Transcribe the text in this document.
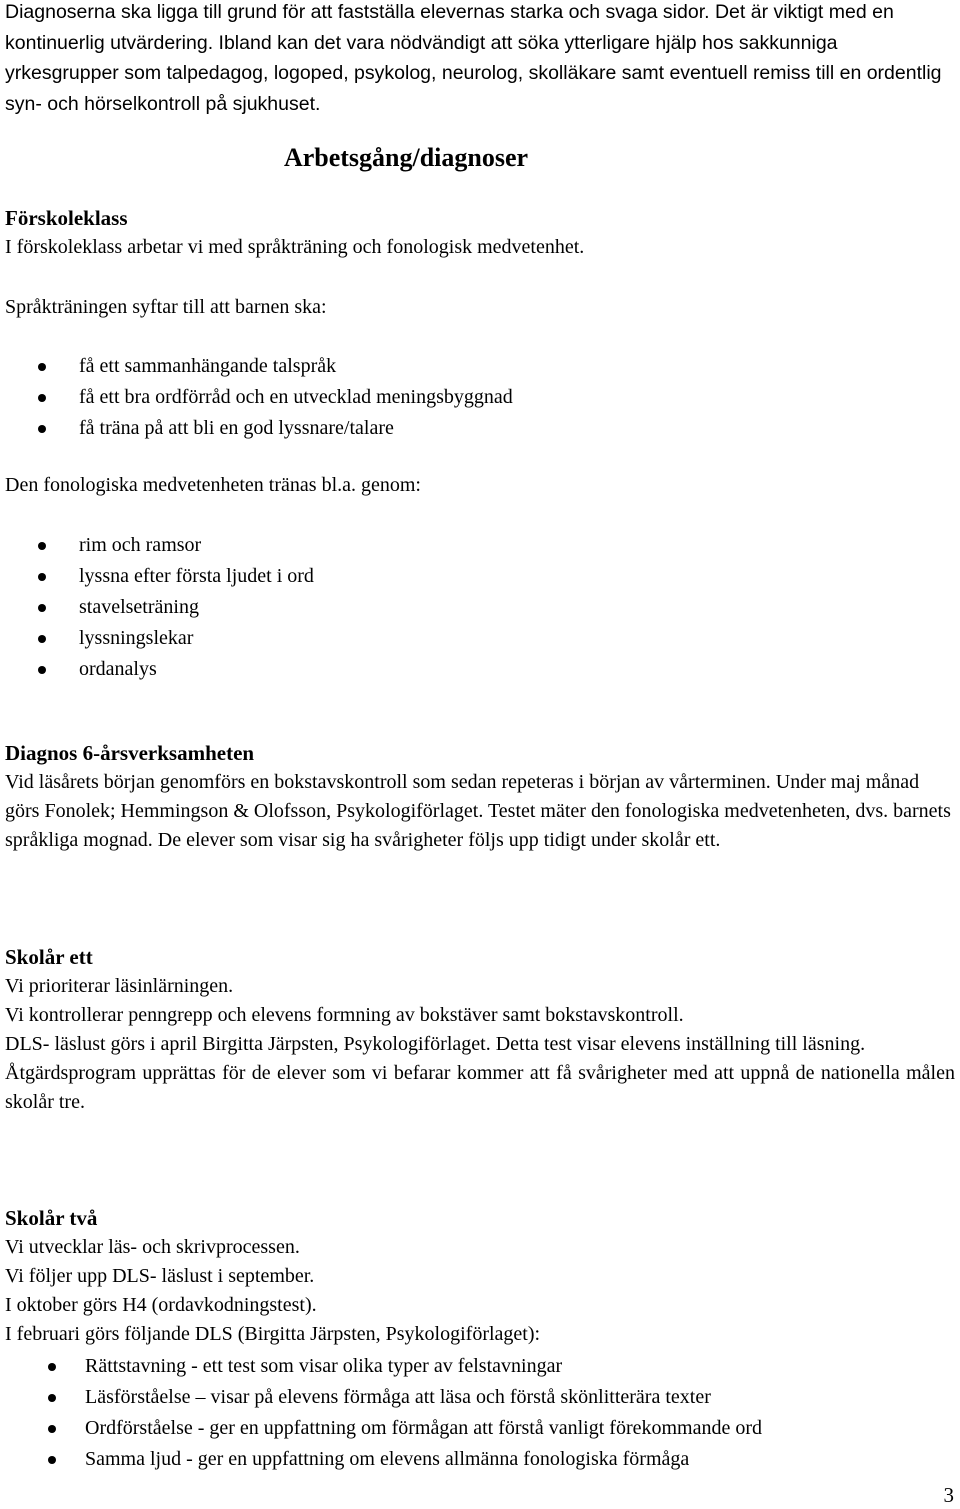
Diagnoserna ska ligga till grund för att fastställa elevernas starka och svaga sidor. Det är viktigt med en kontinuerlig utvärdering. Ibland kan det vara nödvändigt att söka ytterligare hjälp hos sakkunniga yrkesgrupper som talpedagog, logoped, psykolog, neurolog, skolläkare samt eventuell remiss till en ordentlig syn- och hörselkontroll på sjukhuset.

Arbetsgång/diagnoser

Förskoleklass

I förskoleklass arbetar vi med språkträning och fonologisk medvetenhet.

Språkträningen syftar till att barnen ska:

få ett sammanhängande talspråk
få ett bra ordförråd och en utvecklad meningsbyggnad
få träna på att bli en god lyssnare/talare

Den fonologiska medvetenheten tränas bl.a. genom:

rim och ramsor
lyssna efter första ljudet i ord
stavelseträning
lyssningslekar
ordanalys

Diagnos 6-årsverksamheten

Vid läsårets början genomförs en bokstavskontroll som sedan repeteras i början av vårterminen. Under maj månad görs Fonolek; Hemmingson & Olofsson, Psykologiförlaget. Testet mäter den fonologiska medvetenheten, dvs. barnets språkliga mognad. De elever som visar sig ha svårigheter följs upp tidigt under skolår ett.

Skolår ett

Vi prioriterar läsinlärningen.

Vi kontrollerar penngrepp och elevens formning av bokstäver samt bokstavskontroll.

DLS- läslust görs i april Birgitta Järpsten, Psykologiförlaget. Detta test visar elevens inställning till läsning.

Åtgärdsprogram upprättas för de elever som vi befarar kommer att få svårigheter med att uppnå de nationella målen skolår tre.

Skolår två

Vi utvecklar läs- och skrivprocessen.

Vi följer upp DLS- läslust i september.

I oktober görs H4 (ordavkodningstest).

I februari görs följande DLS (Birgitta Järpsten, Psykologiförlaget):

Rättstavning - ett test som visar olika typer av felstavningar
Läsförståelse – visar på elevens förmåga att läsa och förstå skönlitterära texter
Ordförståelse - ger en uppfattning om förmågan att förstå vanligt förekommande ord
Samma ljud - ger en uppfattning om elevens allmänna fonologiska förmåga
3
